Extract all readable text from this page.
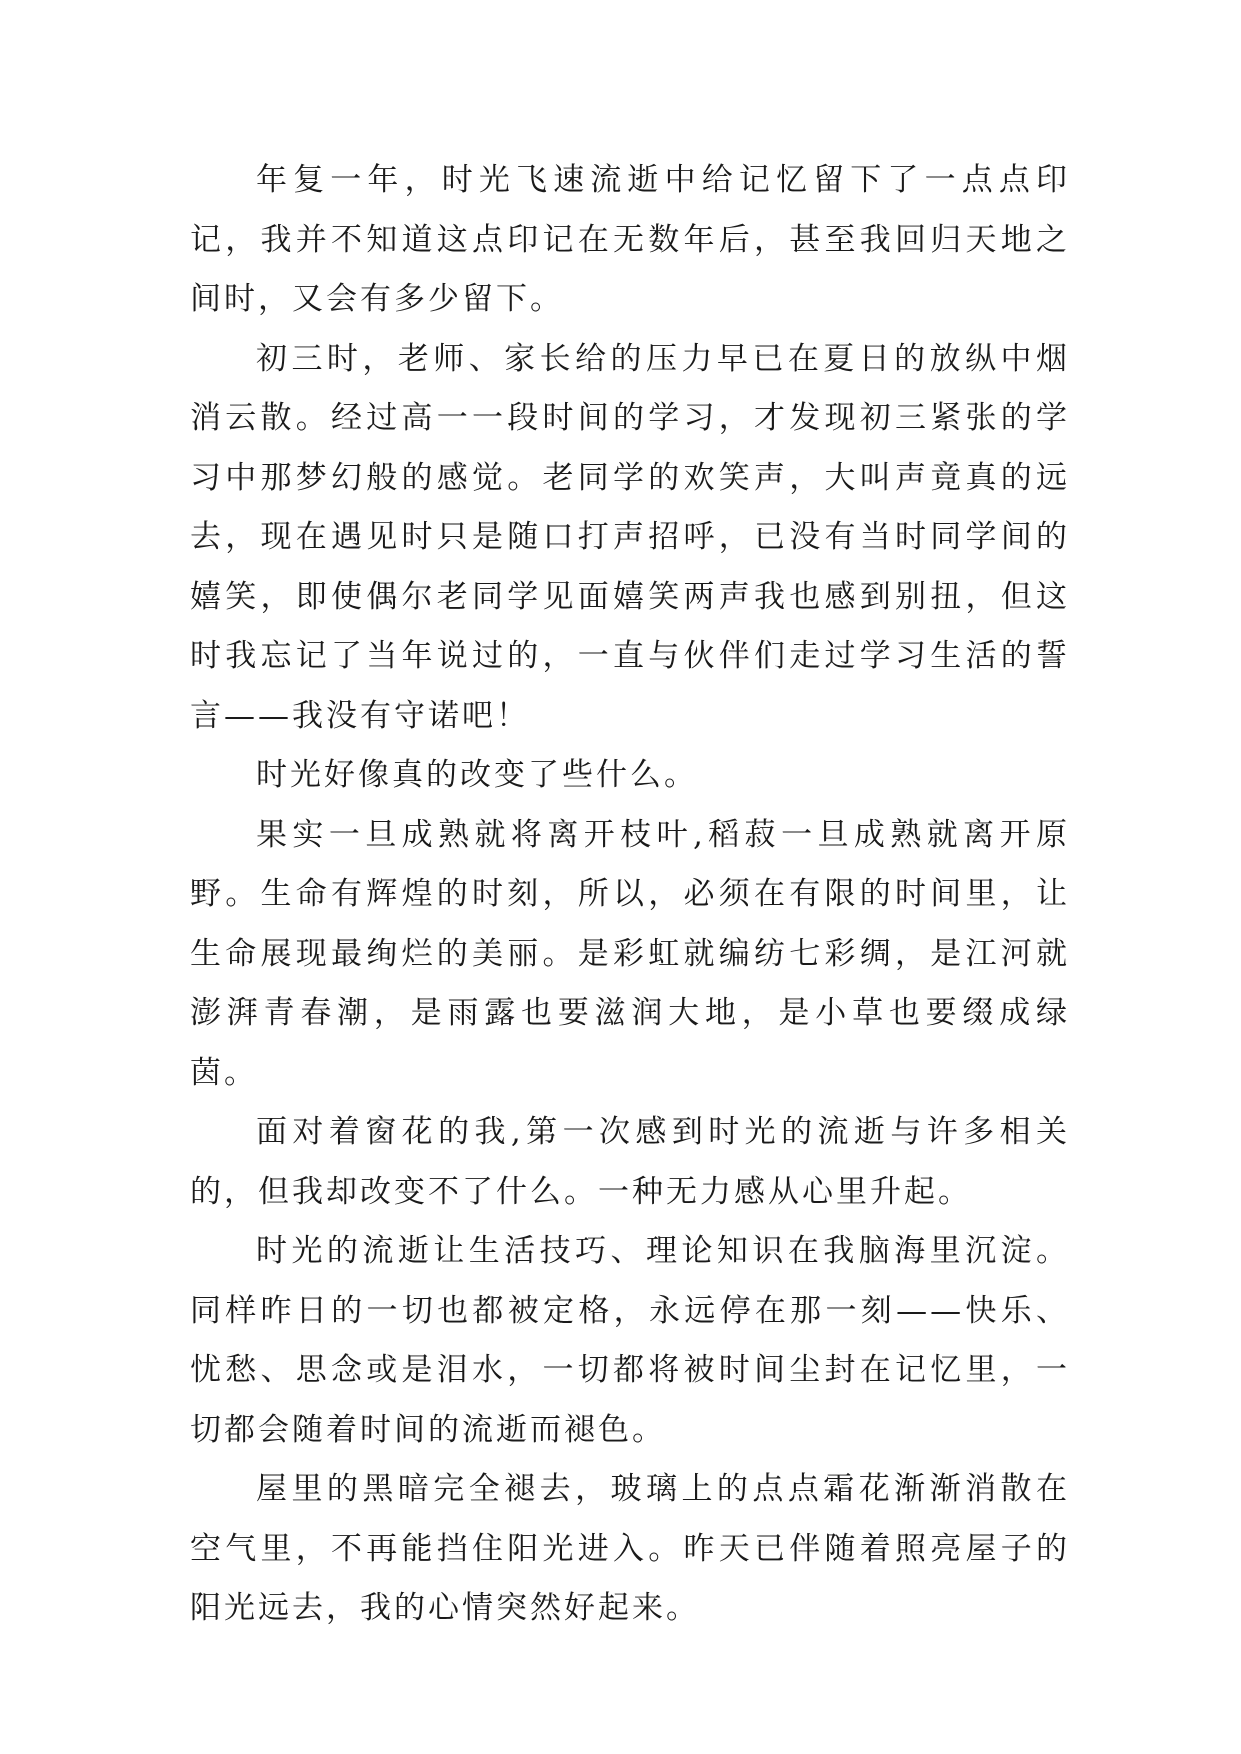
年复一年，时光飞速流逝中给记忆留下了一点点印记，我并不知道这点印记在无数年后，甚至我回归天地之间时，又会有多少留下。

初三时，老师、家长给的压力早已在夏日的放纵中烟消云散。经过高一一段时间的学习，才发现初三紧张的学习中那梦幻般的感觉。老同学的欢笑声，大叫声竟真的远去，现在遇见时只是随口打声招呼，已没有当时同学间的嬉笑，即使偶尔老同学见面嬉笑两声我也感到别扭，但这时我忘记了当年说过的，一直与伙伴们走过学习生活的誓言——我没有守诺吧！

时光好像真的改变了些什么。

果实一旦成熟就将离开枝叶,稻菽一旦成熟就离开原野。生命有辉煌的时刻，所以，必须在有限的时间里，让生命展现最绚烂的美丽。是彩虹就编纺七彩绸，是江河就澎湃青春潮，是雨露也要滋润大地，是小草也要缀成绿茵。

面对着窗花的我,第一次感到时光的流逝与许多相关的，但我却改变不了什么。一种无力感从心里升起。

时光的流逝让生活技巧、理论知识在我脑海里沉淀。同样昨日的一切也都被定格，永远停在那一刻——快乐、忧愁、思念或是泪水，一切都将被时间尘封在记忆里，一切都会随着时间的流逝而褪色。

屋里的黑暗完全褪去，玻璃上的点点霜花渐渐消散在空气里，不再能挡住阳光进入。昨天已伴随着照亮屋子的阳光远去，我的心情突然好起来。
